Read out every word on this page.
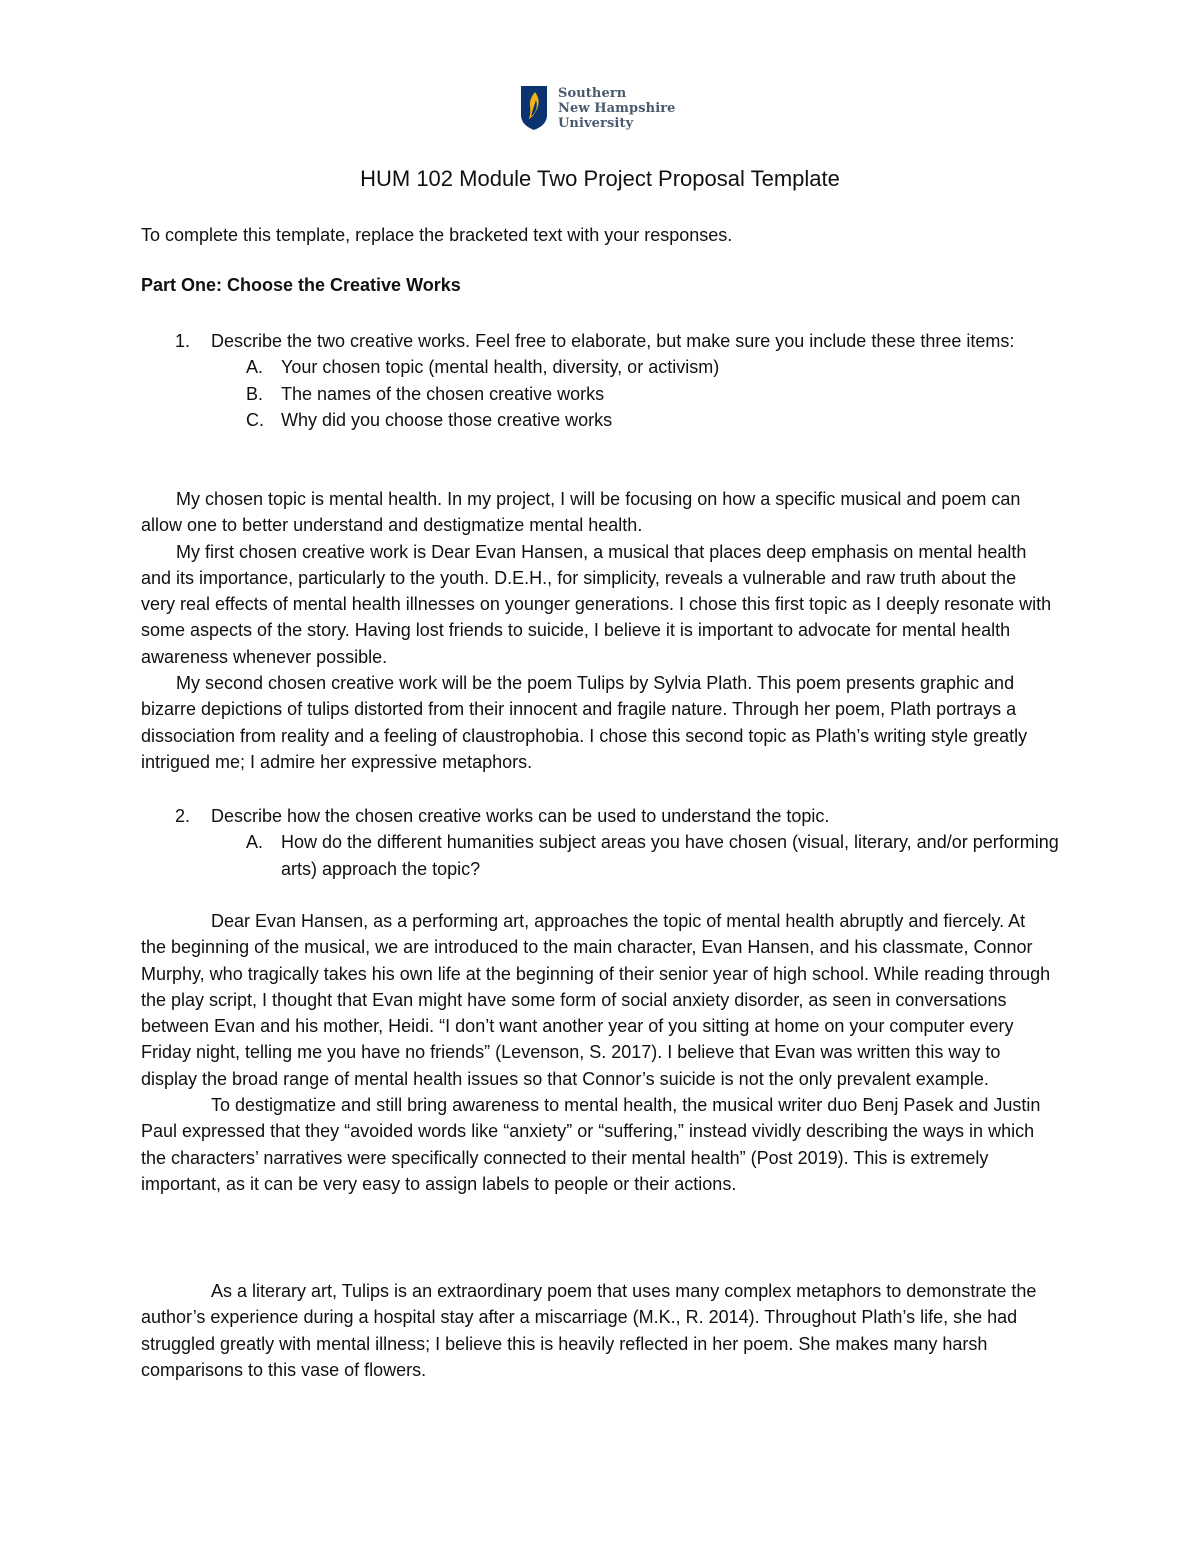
Southern
New Hampshire
University
HUM 102 Module Two Project Proposal Template
To complete this template, replace the bracketed text with your responses.
Part One: Choose the Creative Works
1. Describe the two creative works. Feel free to elaborate, but make sure you include these three items:
A. Your chosen topic (mental health, diversity, or activism)
B. The names of the chosen creative works
C. Why did you choose those creative works

My chosen topic is mental health. In my project, I will be focusing on how a specific musical and poem can allow one to better understand and destigmatize mental health.

My first chosen creative work is Dear Evan Hansen, a musical that places deep emphasis on mental health and its importance, particularly to the youth. D.E.H., for simplicity, reveals a vulnerable and raw truth about the very real effects of mental health illnesses on younger generations. I chose this first topic as I deeply resonate with some aspects of the story. Having lost friends to suicide, I believe it is important to advocate for mental health awareness whenever possible.

My second chosen creative work will be the poem Tulips by Sylvia Plath. This poem presents graphic and bizarre depictions of tulips distorted from their innocent and fragile nature. Through her poem, Plath portrays a dissociation from reality and a feeling of claustrophobia. I chose this second topic as Plath’s writing style greatly intrigued me; I admire her expressive metaphors.

2. Describe how the chosen creative works can be used to understand the topic.
A. How do the different humanities subject areas you have chosen (visual, literary, and/or performing arts) approach the topic?

Dear Evan Hansen, as a performing art, approaches the topic of mental health abruptly and fiercely. At the beginning of the musical, we are introduced to the main character, Evan Hansen, and his classmate, Connor Murphy, who tragically takes his own life at the beginning of their senior year of high school. While reading through the play script, I thought that Evan might have some form of social anxiety disorder, as seen in conversations between Evan and his mother, Heidi. “I don’t want another year of you sitting at home on your computer every Friday night, telling me you have no friends” (Levenson, S. 2017). I believe that Evan was written this way to display the broad range of mental health issues so that Connor’s suicide is not the only prevalent example.

To destigmatize and still bring awareness to mental health, the musical writer duo Benj Pasek and Justin Paul expressed that they “avoided words like “anxiety” or “suffering,” instead vividly describing the ways in which the characters’ narratives were specifically connected to their mental health” (Post 2019). This is extremely important, as it can be very easy to assign labels to people or their actions.

As a literary art, Tulips is an extraordinary poem that uses many complex metaphors to demonstrate the author’s experience during a hospital stay after a miscarriage (M.K., R. 2014). Throughout Plath’s life, she had struggled greatly with mental illness; I believe this is heavily reflected in her poem. She makes many harsh comparisons to this vase of flowers.
